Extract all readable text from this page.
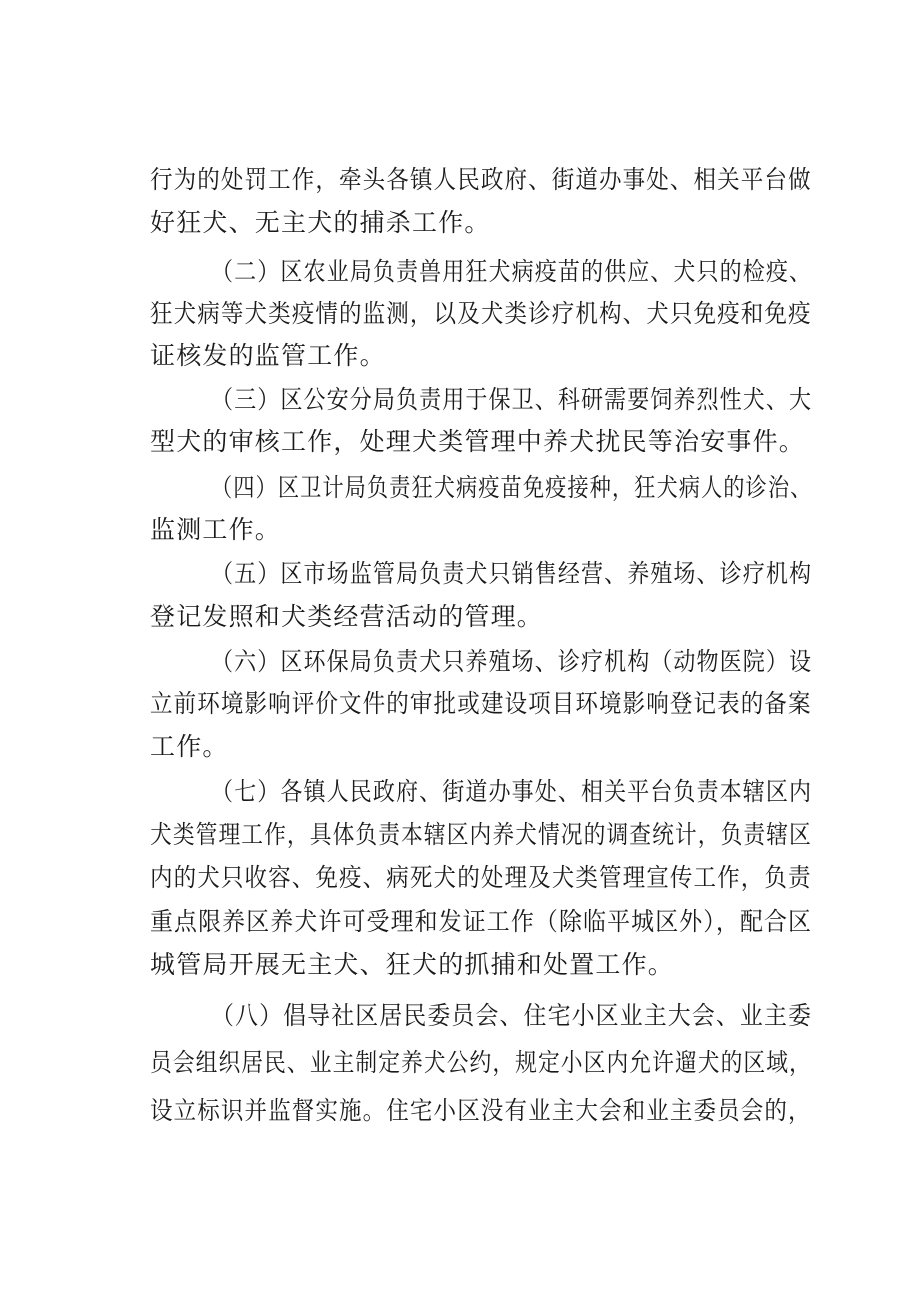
行为的处罚工作，牵头各镇人民政府、街道办事处、相关平台做
好狂犬、无主犬的捕杀工作。
（二）区农业局负责兽用狂犬病疫苗的供应、犬只的检疫、
狂犬病等犬类疫情的监测，以及犬类诊疗机构、犬只免疫和免疫
证核发的监管工作。
（三）区公安分局负责用于保卫、科研需要饲养烈性犬、大
型犬的审核工作，处理犬类管理中养犬扰民等治安事件。
（四）区卫计局负责狂犬病疫苗免疫接种，狂犬病人的诊治、
监测工作。
（五）区市场监管局负责犬只销售经营、养殖场、诊疗机构
登记发照和犬类经营活动的管理。
（六）区环保局负责犬只养殖场、诊疗机构（动物医院）设
立前环境影响评价文件的审批或建设项目环境影响登记表的备案
工作。
（七）各镇人民政府、街道办事处、相关平台负责本辖区内
犬类管理工作，具体负责本辖区内养犬情况的调查统计，负责辖区
内的犬只收容、免疫、病死犬的处理及犬类管理宣传工作，负责
重点限养区养犬许可受理和发证工作（除临平城区外），配合区
城管局开展无主犬、狂犬的抓捕和处置工作。
（八）倡导社区居民委员会、住宅小区业主大会、业主委
员会组织居民、业主制定养犬公约，规定小区内允许遛犬的区域，
设立标识并监督实施。住宅小区没有业主大会和业主委员会的，
